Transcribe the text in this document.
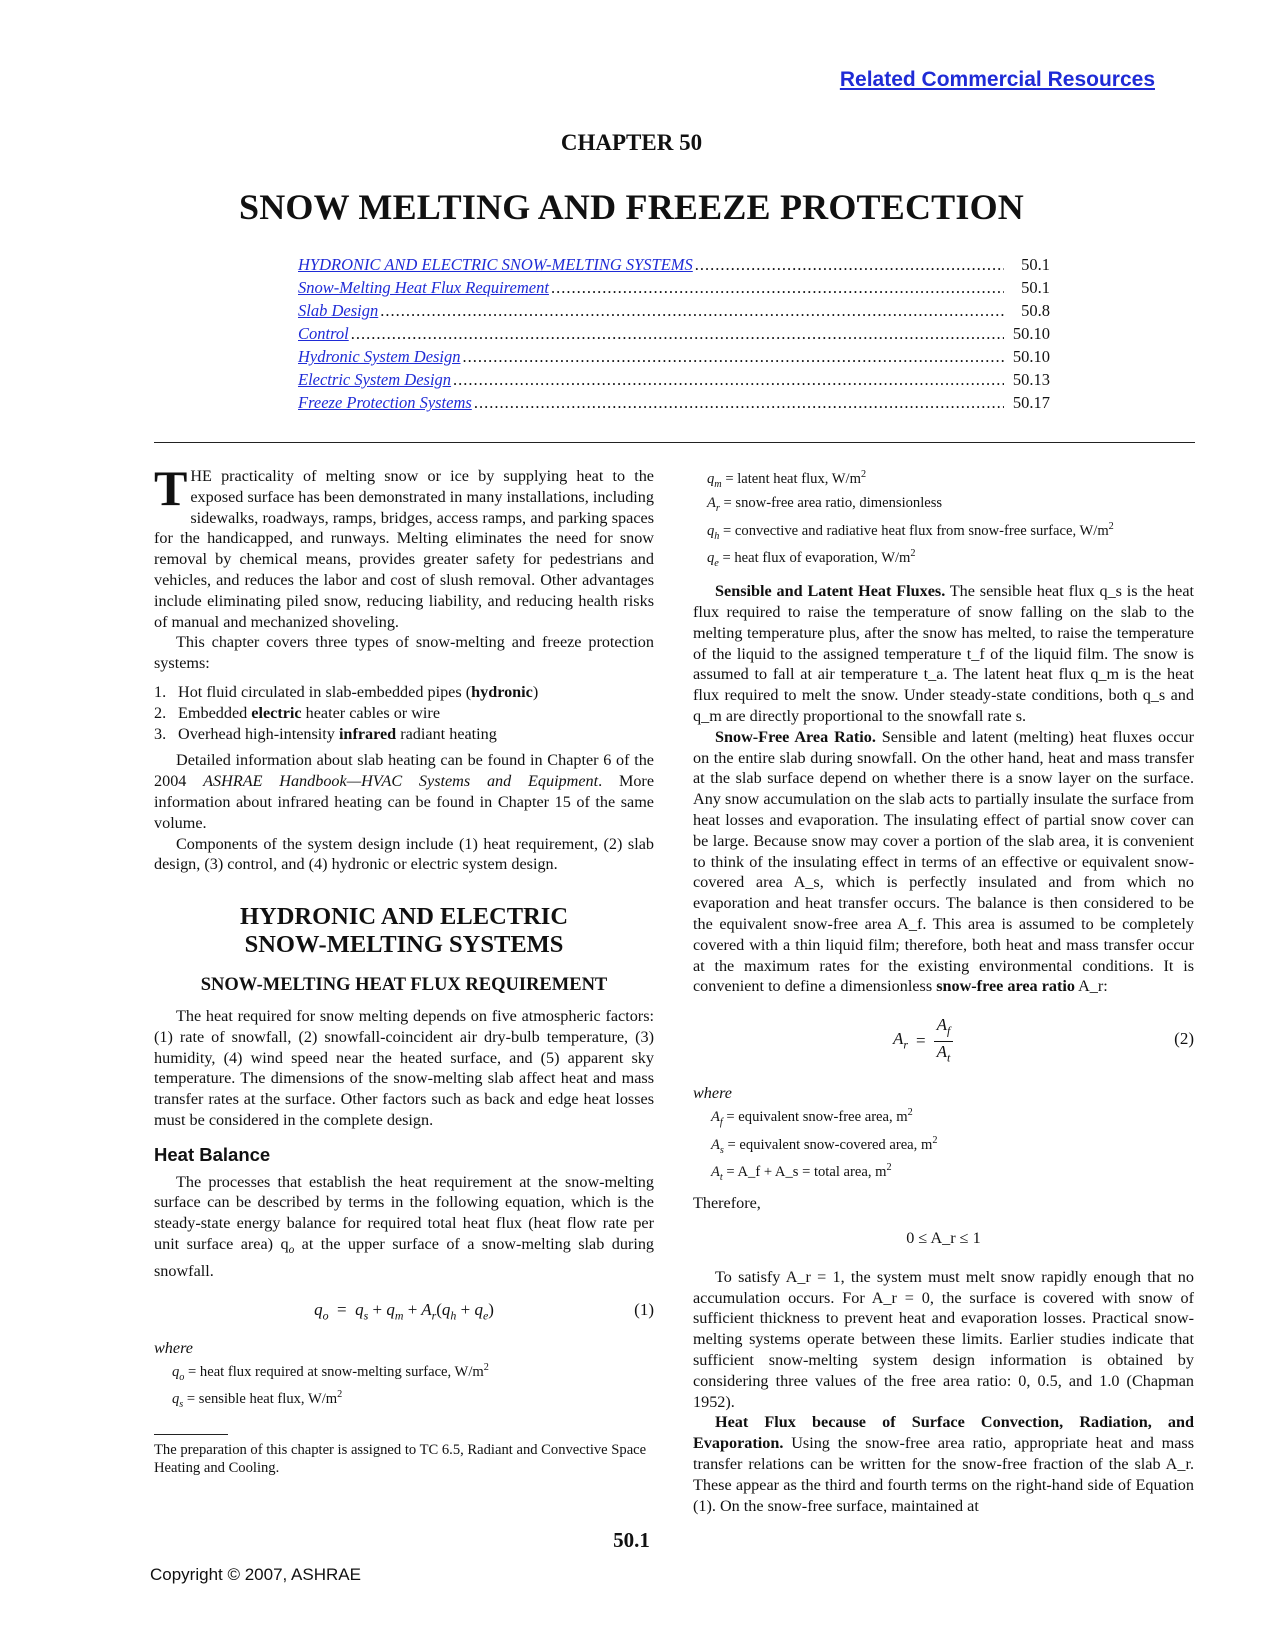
Related Commercial Resources
CHAPTER 50
SNOW MELTING AND FREEZE PROTECTION
HYDRONIC AND ELECTRIC SNOW-MELTING SYSTEMS .....	50.1
Snow-Melting Heat Flux Requirement .....	50.1
Slab Design .....	50.8
Control .....	50.10
Hydronic System Design .....	50.10
Electric System Design .....	50.13
Freeze Protection Systems .....	50.17

THE practicality of melting snow or ice by supplying heat to the exposed surface has been demonstrated in many installations, including sidewalks, roadways, ramps, bridges, access ramps, and parking spaces for the handicapped, and runways. Melting eliminates the need for snow removal by chemical means, provides greater safety for pedestrians and vehicles, and reduces the labor and cost of slush removal. Other advantages include eliminating piled snow, reducing liability, and reducing health risks of manual and mechanized shoveling.

This chapter covers three types of snow-melting and freeze protection systems:

1. Hot fluid circulated in slab-embedded pipes (hydronic)
2. Embedded electric heater cables or wire
3. Overhead high-intensity infrared radiant heating

Detailed information about slab heating can be found in Chapter 6 of the 2004 ASHRAE Handbook—HVAC Systems and Equipment. More information about infrared heating can be found in Chapter 15 of the same volume.

Components of the system design include (1) heat requirement, (2) slab design, (3) control, and (4) hydronic or electric system design.

HYDRONIC AND ELECTRIC
SNOW-MELTING SYSTEMS
SNOW-MELTING HEAT FLUX REQUIREMENT

The heat required for snow melting depends on five atmospheric factors: (1) rate of snowfall, (2) snowfall-coincident air dry-bulb temperature, (3) humidity, (4) wind speed near the heated surface, and (5) apparent sky temperature. The dimensions of the snow-melting slab affect heat and mass transfer rates at the surface. Other factors such as back and edge heat losses must be considered in the complete design.

Heat Balance

The processes that establish the heat requirement at the snow-melting surface can be described by terms in the following equation, which is the steady-state energy balance for required total heat flux (heat flow rate per unit surface area) $q_o$ at the upper surface of a snow-melting slab during snowfall.

$q_o = q_s + q_m + A_r(q_h + q_e)$	(1)

where

$q_o$ = heat flux required at snow-melting surface, $W/m^2$
$q_s$ = sensible heat flux, $W/m^2$

The preparation of this chapter is assigned to TC 6.5, Radiant and Convective Space Heating and Cooling.

$q_m$ = latent heat flux, $W/m^2$
$A_r$ = snow-free area ratio, dimensionless
$q_h$ = convective and radiative heat flux from snow-free surface, $W/m^2$
$q_e$ = heat flux of evaporation, $W/m^2$

Sensible and Latent Heat Fluxes. The sensible heat flux q_s is the heat flux required to raise the temperature of snow falling on the slab to the melting temperature plus, after the snow has melted, to raise the temperature of the liquid to the assigned temperature t_f of the liquid film. The snow is assumed to fall at air temperature t_a. The latent heat flux q_m is the heat flux required to melt the snow. Under steady-state conditions, both q_s and q_m are directly proportional to the snowfall rate s.

Snow-Free Area Ratio. Sensible and latent (melting) heat fluxes occur on the entire slab during snowfall. On the other hand, heat and mass transfer at the slab surface depend on whether there is a snow layer on the surface. Any snow accumulation on the slab acts to partially insulate the surface from heat losses and evaporation. The insulating effect of partial snow cover can be large. Because snow may cover a portion of the slab area, it is convenient to think of the insulating effect in terms of an effective or equivalent snow-covered area A_s, which is perfectly insulated and from which no evaporation and heat transfer occurs. The balance is then considered to be the equivalent snow-free area A_f. This area is assumed to be completely covered with a thin liquid film; therefore, both heat and mass transfer occur at the maximum rates for the existing environmental conditions. It is convenient to define a dimensionless snow-free area ratio A_r:

$A_r = \frac{A_f}{A_t}$	(2)

where

$A_f$ = equivalent snow-free area, $m^2$
$A_s$ = equivalent snow-covered area, $m^2$
$A_t$ = A_f + A_s = total area, $m^2$

Therefore,

0 ≤ A_r ≤ 1

To satisfy A_r = 1, the system must melt snow rapidly enough that no accumulation occurs. For A_r = 0, the surface is covered with snow of sufficient thickness to prevent heat and evaporation losses. Practical snow-melting systems operate between these limits. Earlier studies indicate that sufficient snow-melting system design information is obtained by considering three values of the free area ratio: 0, 0.5, and 1.0 (Chapman 1952).

Heat Flux because of Surface Convection, Radiation, and Evaporation. Using the snow-free area ratio, appropriate heat and mass transfer relations can be written for the snow-free fraction of the slab A_r. These appear as the third and fourth terms on the right-hand side of Equation (1). On the snow-free surface, maintained at

50.1
Copyright © 2007, ASHRAE
